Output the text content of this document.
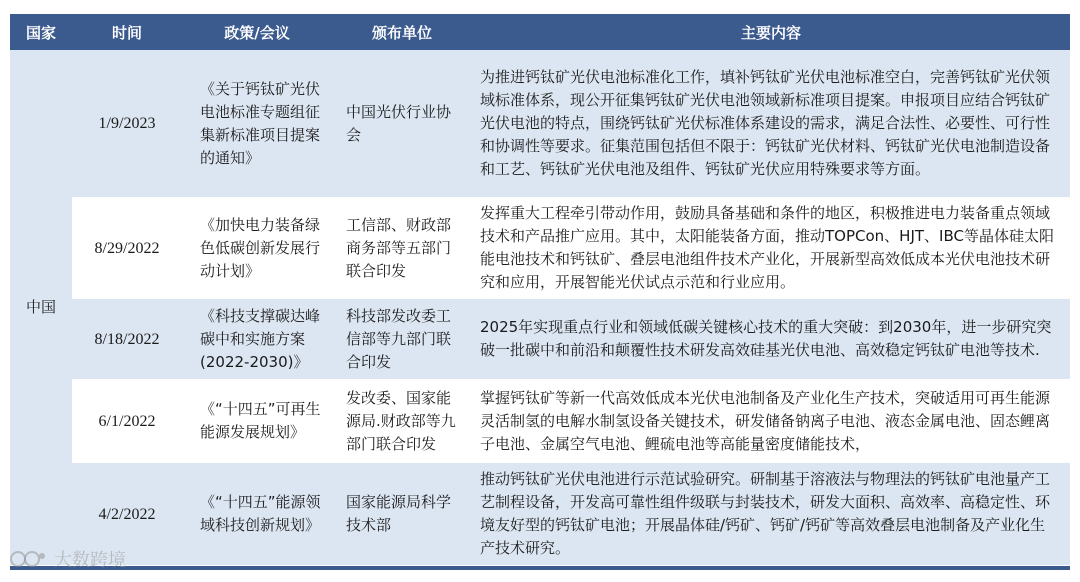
国家	时间	政策/会议	颁布单位	主要内容
中国	1/9/2023	《关于钙钛矿光伏电池标准专题组征集新标准项目提案的通知》	中国光伏行业协会	为推进钙钛矿光伏电池标准化工作，填补钙钛矿光伏电池标准空白，完善钙钛矿光伏领域标准体系，现公开征集钙钛矿光伏电池领域新标准项目提案。申报项目应结合钙钛矿光伏电池的特点，围绕钙钛矿光伏标准体系建设的需求，满足合法性、必要性、可行性和协调性等要求。征集范围包括但不限于：钙钛矿光伏材料、钙钛矿光伏电池制造设备和工艺、钙钛矿光伏电池及组件、钙钛矿光伏应用特殊要求等方面。
	8/29/2022	《加快电力装备绿色低碳创新发展行动计划》	工信部、财政部商务部等五部门联合印发	发挥重大工程牵引带动作用，鼓励具备基础和条件的地区，积极推进电力装备重点领域技术和产品推广应用。其中，太阳能装备方面，推动TOPCon、HJT、IBC等晶体硅太阳能电池技术和钙钛矿、叠层电池组件技术产业化，开展新型高效低成本光伏电池技术研究和应用，开展智能光伏试点示范和行业应用。
	8/18/2022	《科技支撑碳达峰碳中和实施方案(2022-2030)》	科技部发改委工信部等九部门联合印发	2025年实现重点行业和领域低碳关键核心技术的重大突破：到2030年，进一步研究突破一批碳中和前沿和颠覆性技术研发高效硅基光伏电池、高效稳定钙钛矿电池等技术.
	6/1/2022	《“十四五”可再生能源发展规划》	发改委、国家能源局.财政部等九部门联合印发	掌握钙钛矿等新一代高效低成本光伏电池制备及产业化生产技术，突破适用可再生能源灵活制氢的电解水制氢设备关键技术，研发储备钠离子电池、液态金属电池、固态鲤离子电池、金属空气电池、鲤硫电池等高能量密度储能技术，
	4/2/2022	《“十四五”能源领域科技创新规划》	国家能源局科学技术部	推动钙钛矿光伏电池进行示范试验研究。研制基于溶液法与物理法的钙钛矿电池量产工艺制程设备，开发高可靠性组件级联与封装技术，研发大面积、高效率、高稳定性、环境友好型的钙钛矿电池；开展晶体硅/钙矿、钙矿/钙矿等高效叠层电池制备及产业化生产技术研究。
大数跨境
